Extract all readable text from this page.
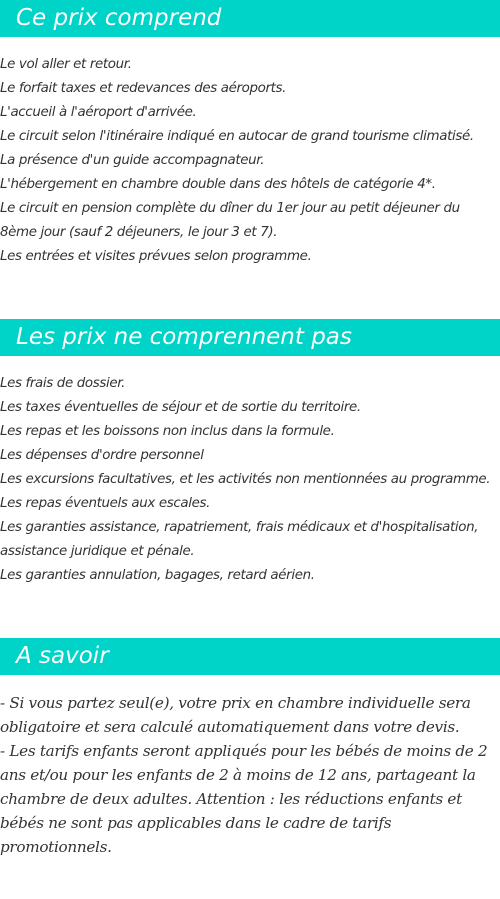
Ce prix comprend
Le vol aller et retour.
Le forfait taxes et redevances des aéroports.
L'accueil à l'aéroport d'arrivée.
Le circuit selon l'itinéraire indiqué en autocar de grand tourisme climatisé.
La présence d'un guide accompagnateur.
L'hébergement en chambre double dans des hôtels de catégorie 4*.
Le circuit en pension complète du dîner du 1er jour au petit déjeuner du 8ème jour (sauf 2 déjeuners, le jour 3 et 7).
Les entrées et visites prévues selon programme.
Les prix ne comprennent pas
Les frais de dossier.
Les taxes éventuelles de séjour et de sortie du territoire.
Les repas et les boissons non inclus dans la formule.
Les dépenses d'ordre personnel
Les excursions facultatives, et les activités non mentionnées au programme.
Les repas éventuels aux escales.
Les garanties assistance, rapatriement, frais médicaux et d'hospitalisation, assistance juridique et pénale.
Les garanties annulation, bagages, retard aérien.
A savoir

- Si vous partez seul(e), votre prix en chambre individuelle sera obligatoire et sera calculé automatiquement dans votre devis.

- Les tarifs enfants seront appliqués pour les bébés de moins de 2 ans et/ou pour les enfants de 2 à moins de 12 ans, partageant la chambre de deux adultes. Attention : les réductions enfants et bébés ne sont pas applicables dans le cadre de tarifs promotionnels.
